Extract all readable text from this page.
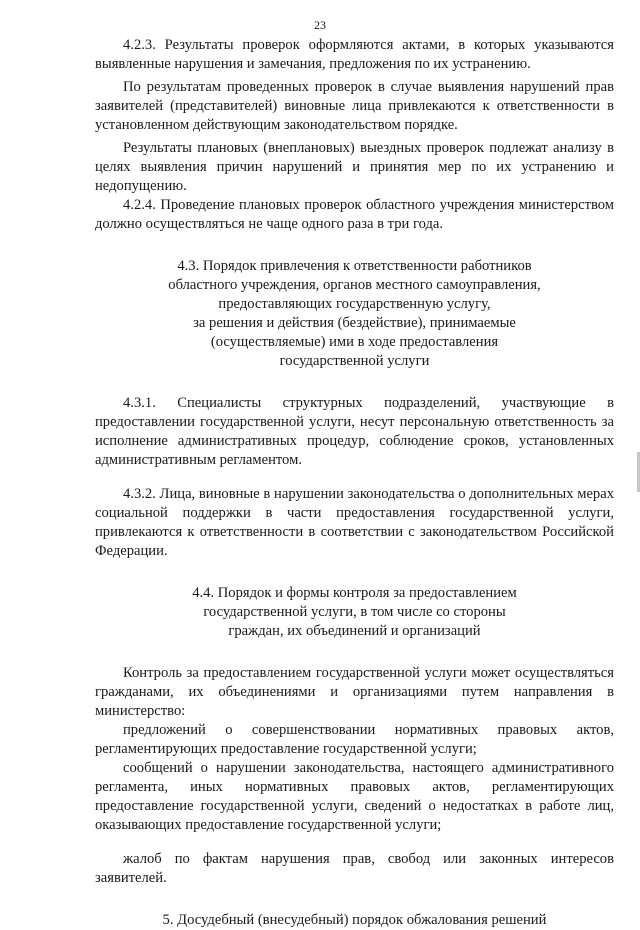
23

4.2.3. Результаты проверок оформляются актами, в которых указываются выявленные нарушения и замечания, предложения по их устранению.

По результатам проведенных проверок в случае выявления нарушений прав заявителей (представителей) виновные лица привлекаются к ответственности в установленном действующим законодательством порядке.

Результаты плановых (внеплановых) выездных проверок подлежат анализу в целях выявления причин нарушений и принятия мер по их устранению и недопущению.

4.2.4. Проведение плановых проверок областного учреждения министерством должно осуществляться не чаще одного раза в три года.

4.3. Порядок привлечения к ответственности работников
областного учреждения, органов местного самоуправления,
предоставляющих государственную услугу,
за решения и действия (бездействие), принимаемые
(осуществляемые) ими в ходе предоставления
государственной услуги

4.3.1. Специалисты структурных подразделений, участвующие в предоставлении государственной услуги, несут персональную ответственность за исполнение административных процедур, соблюдение сроков, установленных административным регламентом.

4.3.2. Лица, виновные в нарушении законодательства о дополнительных мерах социальной поддержки в части предоставления государственной услуги, привлекаются к ответственности в соответствии с законодательством Российской Федерации.

4.4. Порядок и формы контроля за предоставлением
государственной услуги, в том числе со стороны
граждан, их объединений и организаций

Контроль за предоставлением государственной услуги может осуществляться гражданами, их объединениями и организациями путем направления в министерство:

предложений о совершенствовании нормативных правовых актов, регламентирующих предоставление государственной услуги;

сообщений о нарушении законодательства, настоящего административного регламента, иных нормативных правовых актов, регламентирующих предоставление государственной услуги, сведений о недостатках в работе лиц, оказывающих предоставление государственной услуги;

жалоб по фактам нарушения прав, свобод или законных интересов заявителей.

5. Досудебный (внесудебный) порядок обжалования решений
